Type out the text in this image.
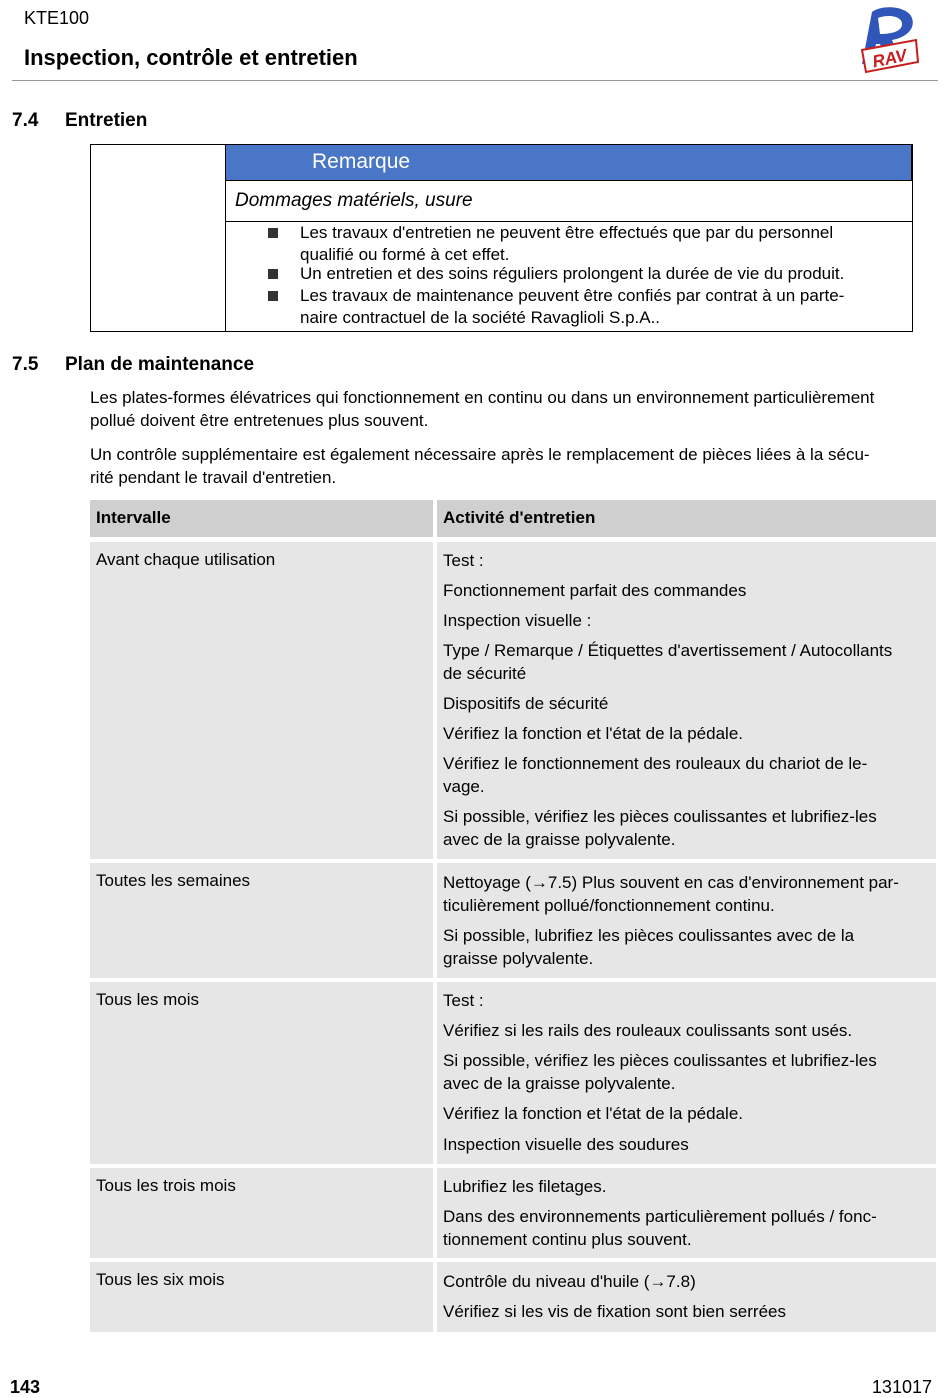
KTE100
Inspection, contrôle et entretien	RAV
7.4 Entretien
Remarque
Dommages matériels, usure
Les travaux d'entretien ne peuvent être effectués que par du personnel
qualifié ou formé à cet effet.
Un entretien et des soins réguliers prolongent la durée de vie du produit.
Les travaux de maintenance peuvent être confiés par contrat à un parte-
naire contractuel de la société Ravaglioli S.p.A..
7.5 Plan de maintenance
Les plates-formes élévatrices qui fonctionnement en continu ou dans un environnement particulièrement
pollué doivent être entretenues plus souvent.
Un contrôle supplémentaire est également nécessaire après le remplacement de pièces liées à la sécu-
rité pendant le travail d'entretien.
Intervalle	Activité d'entretien
Avant chaque utilisation	Test :
Fonctionnement parfait des commandes
Inspection visuelle :
Type / Remarque / Étiquettes d'avertissement / Autocollants
de sécurité
Dispositifs de sécurité
Vérifiez la fonction et l'état de la pédale.
Vérifiez le fonctionnement des rouleaux du chariot de le-
vage.
Si possible, vérifiez les pièces coulissantes et lubrifiez-les
avec de la graisse polyvalente.
Toutes les semaines	Nettoyage (→7.5) Plus souvent en cas d'environnement par-
ticulièrement pollué/fonctionnement continu.
Si possible, lubrifiez les pièces coulissantes avec de la
graisse polyvalente.
Tous les mois	Test :
Vérifiez si les rails des rouleaux coulissants sont usés.
Si possible, vérifiez les pièces coulissantes et lubrifiez-les
avec de la graisse polyvalente.
Vérifiez la fonction et l'état de la pédale.
Inspection visuelle des soudures
Tous les trois mois	Lubrifiez les filetages.
Dans des environnements particulièrement pollués / fonc-
tionnement continu plus souvent.
Tous les six mois	Contrôle du niveau d'huile (→7.8)
Vérifiez si les vis de fixation sont bien serrées
143	131017
